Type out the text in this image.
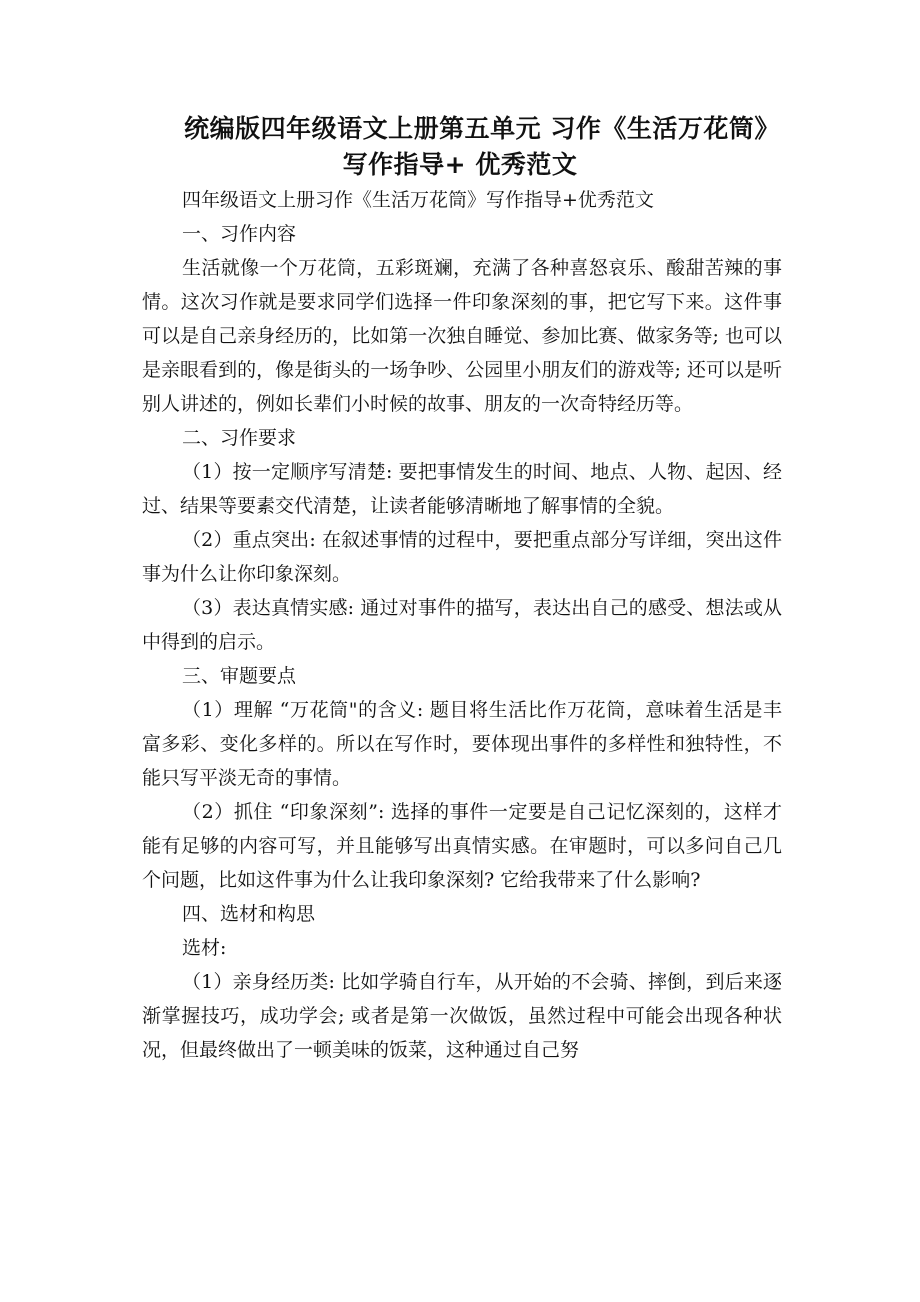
统编版四年级语文上册第五单元 习作《生活万花筒》
写作指导+ 优秀范文

四年级语文上册习作《生活万花筒》写作指导+优秀范文

一、习作内容

生活就像一个万花筒，五彩斑斓，充满了各种喜怒哀乐、酸甜苦辣的事情。这次习作就是要求同学们选择一件印象深刻的事，把它写下来。这件事可以是自己亲身经历的，比如第一次独自睡觉、参加比赛、做家务等; 也可以是亲眼看到的，像是街头的一场争吵、公园里小朋友们的游戏等; 还可以是听别人讲述的，例如长辈们小时候的故事、朋友的一次奇特经历等。

二、习作要求

（1）按一定顺序写清楚: 要把事情发生的时间、地点、人物、起因、经过、结果等要素交代清楚，让读者能够清晰地了解事情的全貌。

（2）重点突出: 在叙述事情的过程中，要把重点部分写详细，突出这件事为什么让你印象深刻。

（3）表达真情实感: 通过对事件的描写，表达出自己的感受、想法或从中得到的启示。

三、审题要点

（1）理解 “万花筒"的含义: 题目将生活比作万花筒，意味着生活是丰富多彩、变化多样的。所以在写作时，要体现出事件的多样性和独特性，不能只写平淡无奇的事情。

（2）抓住 “印象深刻”: 选择的事件一定要是自己记忆深刻的，这样才能有足够的内容可写，并且能够写出真情实感。在审题时，可以多问自己几个问题，比如这件事为什么让我印象深刻? 它给我带来了什么影响?

四、选材和构思

选材:

（1）亲身经历类: 比如学骑自行车，从开始的不会骑、摔倒，到后来逐渐掌握技巧，成功学会; 或者是第一次做饭，虽然过程中可能会出现各种状况，但最终做出了一顿美味的饭菜，这种通过自己努
